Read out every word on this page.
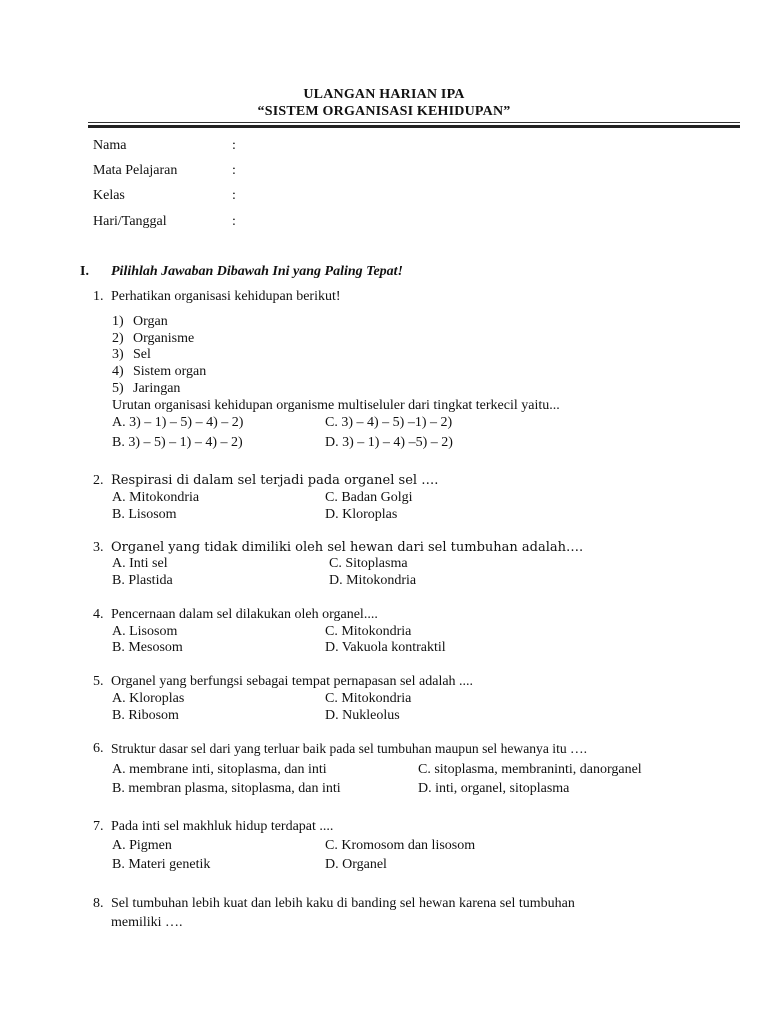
ULANGAN HARIAN IPA
“SISTEM ORGANISASI KEHIDUPAN”
Nama	:
Mata Pelajaran	:
Kelas	:
Hari/Tanggal	:
I. Pilihlah Jawaban Dibawah Ini yang Paling Tepat!
1. Perhatikan organisasi kehidupan berikut!
1) Organ
2) Organisme
3) Sel
4) Sistem organ
5) Jaringan
Urutan organisasi kehidupan organisme multiseluler dari tingkat terkecil yaitu...
A. 3) – 1) – 5) – 4) – 2)	C. 3) – 4) – 5) –1) – 2)
B. 3) – 5) – 1) – 4) – 2)	D. 3) – 1) – 4) –5) – 2)
2. Respirasi di dalam sel terjadi pada organel sel ….
A. Mitokondria	C. Badan Golgi
B. Lisosom	D. Kloroplas
3. Organel yang tidak dimiliki oleh sel hewan dari sel tumbuhan adalah….
A. Inti sel	C. Sitoplasma
B. Plastida	D. Mitokondria
4. Pencernaan dalam sel dilakukan oleh organel....
A. Lisosom	C. Mitokondria
B. Mesosom	D. Vakuola kontraktil
5. Organel yang berfungsi sebagai tempat pernapasan sel adalah ....
A. Kloroplas	C. Mitokondria
B. Ribosom	D. Nukleolus
6. Struktur dasar sel dari yang terluar baik pada sel tumbuhan maupun sel hewanya itu ….
A. membrane inti, sitoplasma, dan inti	C. sitoplasma, membraninti, danorganel
B. membran plasma, sitoplasma, dan inti	D. inti, organel, sitoplasma
7. Pada inti sel makhluk hidup terdapat ....
A. Pigmen	C. Kromosom dan lisosom
B. Materi genetik	D. Organel
8. Sel tumbuhan lebih kuat dan lebih kaku di banding sel hewan karena sel tumbuhan
memiliki ….
